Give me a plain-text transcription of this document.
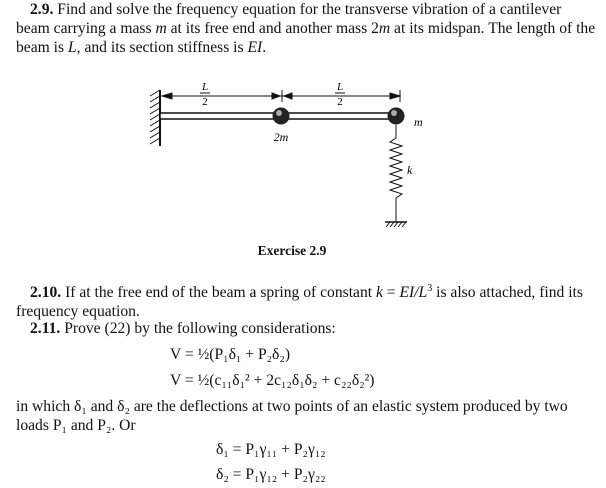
2.9. Find and solve the frequency equation for the transverse vibration of a cantilever beam carrying a mass m at its free end and another mass 2m at its midspan. The length of the beam is L, and its section stiffness is EI.
L
2
L
2
2m
m
k
Exercise 2.9
2.10. If at the free end of the beam a spring of constant $k = EI/L^3$ is also attached, find its frequency equation.
2.11. Prove (22) by the following considerations:
V = ½(P₁δ₁ + P₂δ₂)
V = ½(c₁₁δ₁² + 2c₁₂δ₁δ₂ + c₂₂δ₂²)
in which δ₁ and δ₂ are the deflections at two points of an elastic system produced by two loads P₁ and P₂. Or
δ₁ = P₁γ₁₁ + P₂γ₁₂
δ₂ = P₁γ₁₂ + P₂γ₂₂
